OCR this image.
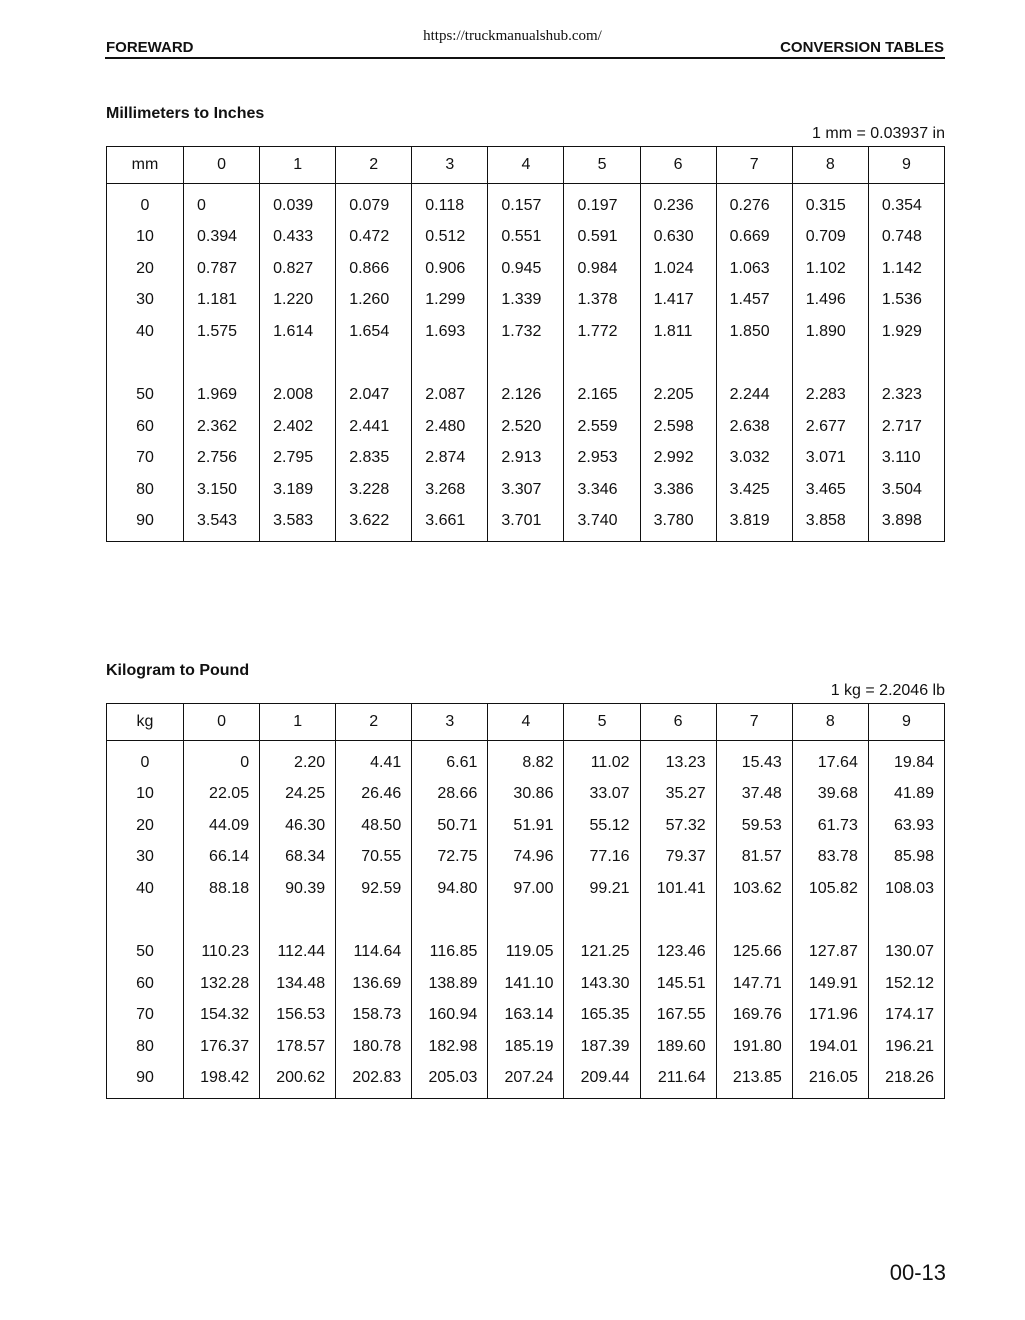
https://truckmanualshub.com/
FOREWARD	CONVERSION TABLES
Millimeters to Inches
1 mm = 0.03937 in
mm	0	1	2	3	4	5	6	7	8	9
0	0	0.039	0.079	0.118	0.157	0.197	0.236	0.276	0.315	0.354
10	0.394	0.433	0.472	0.512	0.551	0.591	0.630	0.669	0.709	0.748
20	0.787	0.827	0.866	0.906	0.945	0.984	1.024	1.063	1.102	1.142
30	1.181	1.220	1.260	1.299	1.339	1.378	1.417	1.457	1.496	1.536
40	1.575	1.614	1.654	1.693	1.732	1.772	1.811	1.850	1.890	1.929

50	1.969	2.008	2.047	2.087	2.126	2.165	2.205	2.244	2.283	2.323
60	2.362	2.402	2.441	2.480	2.520	2.559	2.598	2.638	2.677	2.717
70	2.756	2.795	2.835	2.874	2.913	2.953	2.992	3.032	3.071	3.110
80	3.150	3.189	3.228	3.268	3.307	3.346	3.386	3.425	3.465	3.504
90	3.543	3.583	3.622	3.661	3.701	3.740	3.780	3.819	3.858	3.898
Kilogram to Pound
1 kg = 2.2046 lb
kg	0	1	2	3	4	5	6	7	8	9
0	0	2.20	4.41	6.61	8.82	11.02	13.23	15.43	17.64	19.84
10	22.05	24.25	26.46	28.66	30.86	33.07	35.27	37.48	39.68	41.89
20	44.09	46.30	48.50	50.71	51.91	55.12	57.32	59.53	61.73	63.93
30	66.14	68.34	70.55	72.75	74.96	77.16	79.37	81.57	83.78	85.98
40	88.18	90.39	92.59	94.80	97.00	99.21	101.41	103.62	105.82	108.03

50	110.23	112.44	114.64	116.85	119.05	121.25	123.46	125.66	127.87	130.07
60	132.28	134.48	136.69	138.89	141.10	143.30	145.51	147.71	149.91	152.12
70	154.32	156.53	158.73	160.94	163.14	165.35	167.55	169.76	171.96	174.17
80	176.37	178.57	180.78	182.98	185.19	187.39	189.60	191.80	194.01	196.21
90	198.42	200.62	202.83	205.03	207.24	209.44	211.64	213.85	216.05	218.26
00-13
